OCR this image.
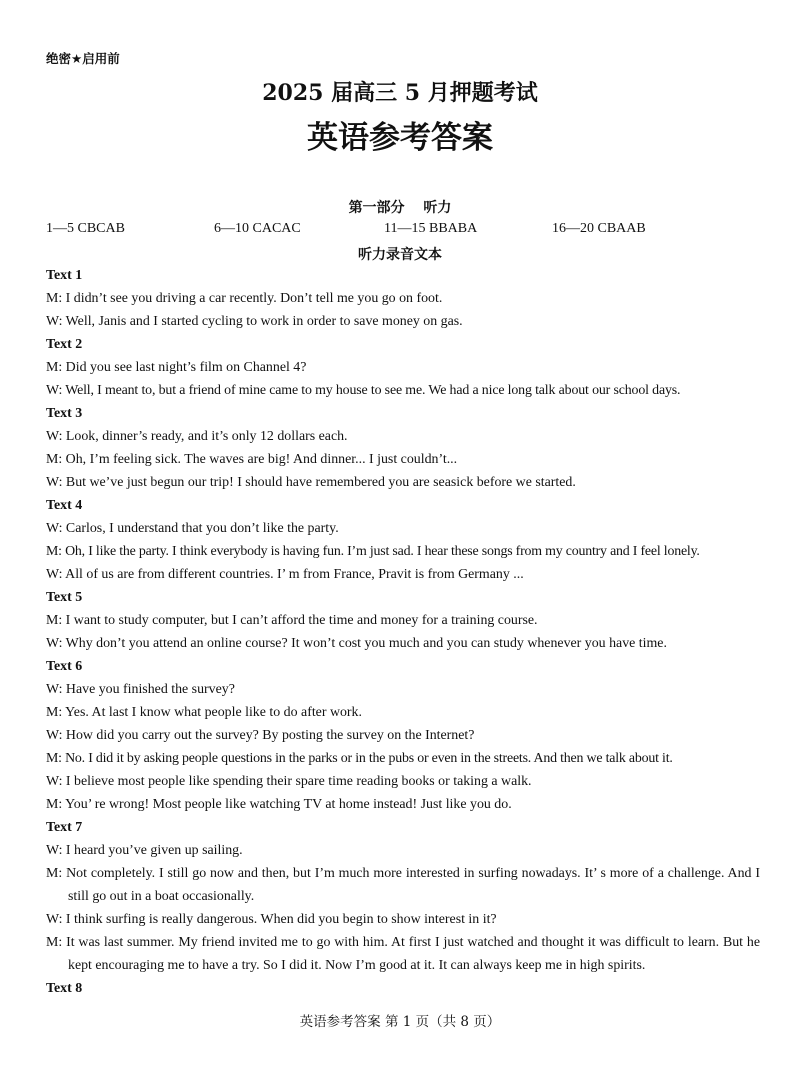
绝密★启用前
2025 届高三 5 月押题考试
英语参考答案
第一部分 听力
1—5 CBCAB	6—10 CACAC	11—15 BBABA	16—20 CBAAB
听力录音文本
Text 1
M: I didn’t see you driving a car recently. Don’t tell me you go on foot.
W: Well, Janis and I started cycling to work in order to save money on gas.
Text 2
M: Did you see last night’s film on Channel 4?
W: Well, I meant to, but a friend of mine came to my house to see me. We had a nice long talk about our school days.
Text 3
W: Look, dinner’s ready, and it’s only 12 dollars each.
M: Oh, I’m feeling sick. The waves are big! And dinner... I just couldn’t...
W: But we’ve just begun our trip! I should have remembered you are seasick before we started.
Text 4
W: Carlos, I understand that you don’t like the party.
M: Oh, I like the party. I think everybody is having fun. I’m just sad. I hear these songs from my country and I feel lonely.
W: All of us are from different countries. I’ m from France, Pravit is from Germany ...
Text 5
M: I want to study computer, but I can’t afford the time and money for a training course.
W: Why don’t you attend an online course? It won’t cost you much and you can study whenever you have time.
Text 6
W: Have you finished the survey?
M: Yes. At last I know what people like to do after work.
W: How did you carry out the survey? By posting the survey on the Internet?
M: No. I did it by asking people questions in the parks or in the pubs or even in the streets. And then we talk about it.
W: I believe most people like spending their spare time reading books or taking a walk.
M: You’ re wrong! Most people like watching TV at home instead! Just like you do.
Text 7
W: I heard you’ve given up sailing.
M: Not completely. I still go now and then, but I’m much more interested in surfing nowadays. It’ s more of a challenge. And I still go out in a boat occasionally.
W: I think surfing is really dangerous. When did you begin to show interest in it?
M: It was last summer. My friend invited me to go with him. At first I just watched and thought it was difficult to learn. But he kept encouraging me to have a try. So I did it. Now I’m good at it. It can always keep me in high spirits.
Text 8
英语参考答案 第 1 页（共 8 页）
